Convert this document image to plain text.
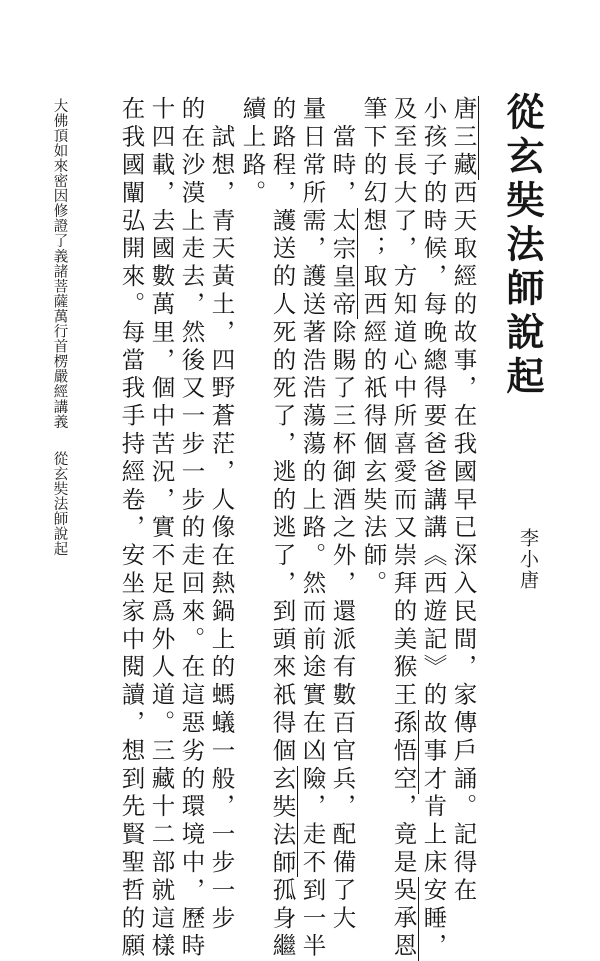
從玄奘法師說起
李小唐
唐三藏西天取經的故事，在我國早已深入民間，家傳戶誦。記得在
小孩子的時候，每晚總得要爸爸講講《西遊記》的故事才肯上床安睡，
及至長大了，方知道心中所喜愛而又崇拜的美猴王孫悟空，竟是吳承恩
筆下的幻想；取西經的祇得個玄奘法師。
　當時，太宗皇帝除賜了三杯御酒之外，還派有數百官兵，配備了大
量日常所需，護送著浩浩蕩蕩的上路。然而前途實在凶險，走不到一半
的路程，護送的人死的死了，逃的逃了，到頭來祇得個玄奘法師孤身繼
續上路。
　試想，青天黃土，四野蒼茫，人像在熱鍋上的螞蟻一般，一步一步
的在沙漠上走去，然後又一步一步的走回來。在這惡劣的環境中，歷時
十四載，去國數萬里，個中苦況，實不足爲外人道。三藏十二部就這樣
在我國闡弘開來。每當我手持經卷，安坐家中閱讀，想到先賢聖哲的願
大佛頂如來密因修證了義諸菩薩萬行首楞嚴經講義從玄奘法師說起
